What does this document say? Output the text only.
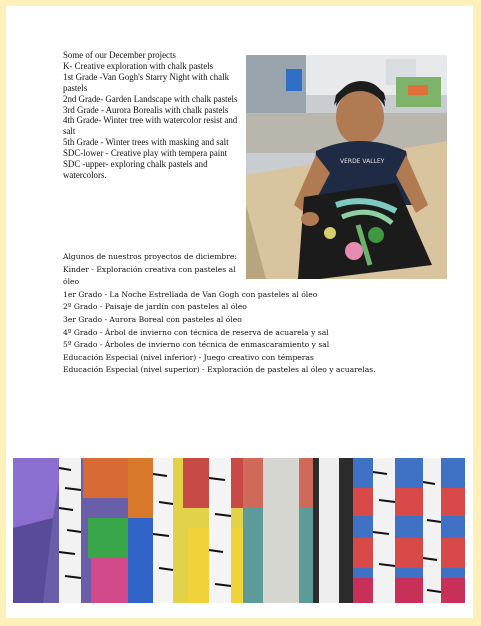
Some of our December projects
K- Creative exploration with chalk pastels
1st Grade -Van Gogh's Starry Night with chalk pastels
2nd Grade- Garden Landscape with chalk pastels
3rd Grade - Aurora Borealis with chalk pastels
4th Grade- Winter tree with watercolor resist and salt
5th Grade - Winter trees with masking and salt
SDC-lower - Creative play with tempera paint
SDC -upper- exploring chalk pastels and watercolors.
Algunos de nuestros proyectos de diciembre:
Kinder - Exploración creativa con pasteles al óleo
1er Grado - La Noche Estrellada de Van Gogh con pasteles al óleo
2º Grado - Paisaje de jardín con pasteles al óleo
3er Grado - Aurora Boreal con pasteles al óleo
4º Grado - Árbol de invierno con técnica de reserva de acuarela y sal
5º Grado - Árboles de invierno con técnica de enmascaramiento y sal
Educación Especial (nivel inferior) - Juego creativo con témperas
Educación Especial (nivel superior) - Exploración de pasteles al óleo y acuarelas.
VERDE VALLEY
